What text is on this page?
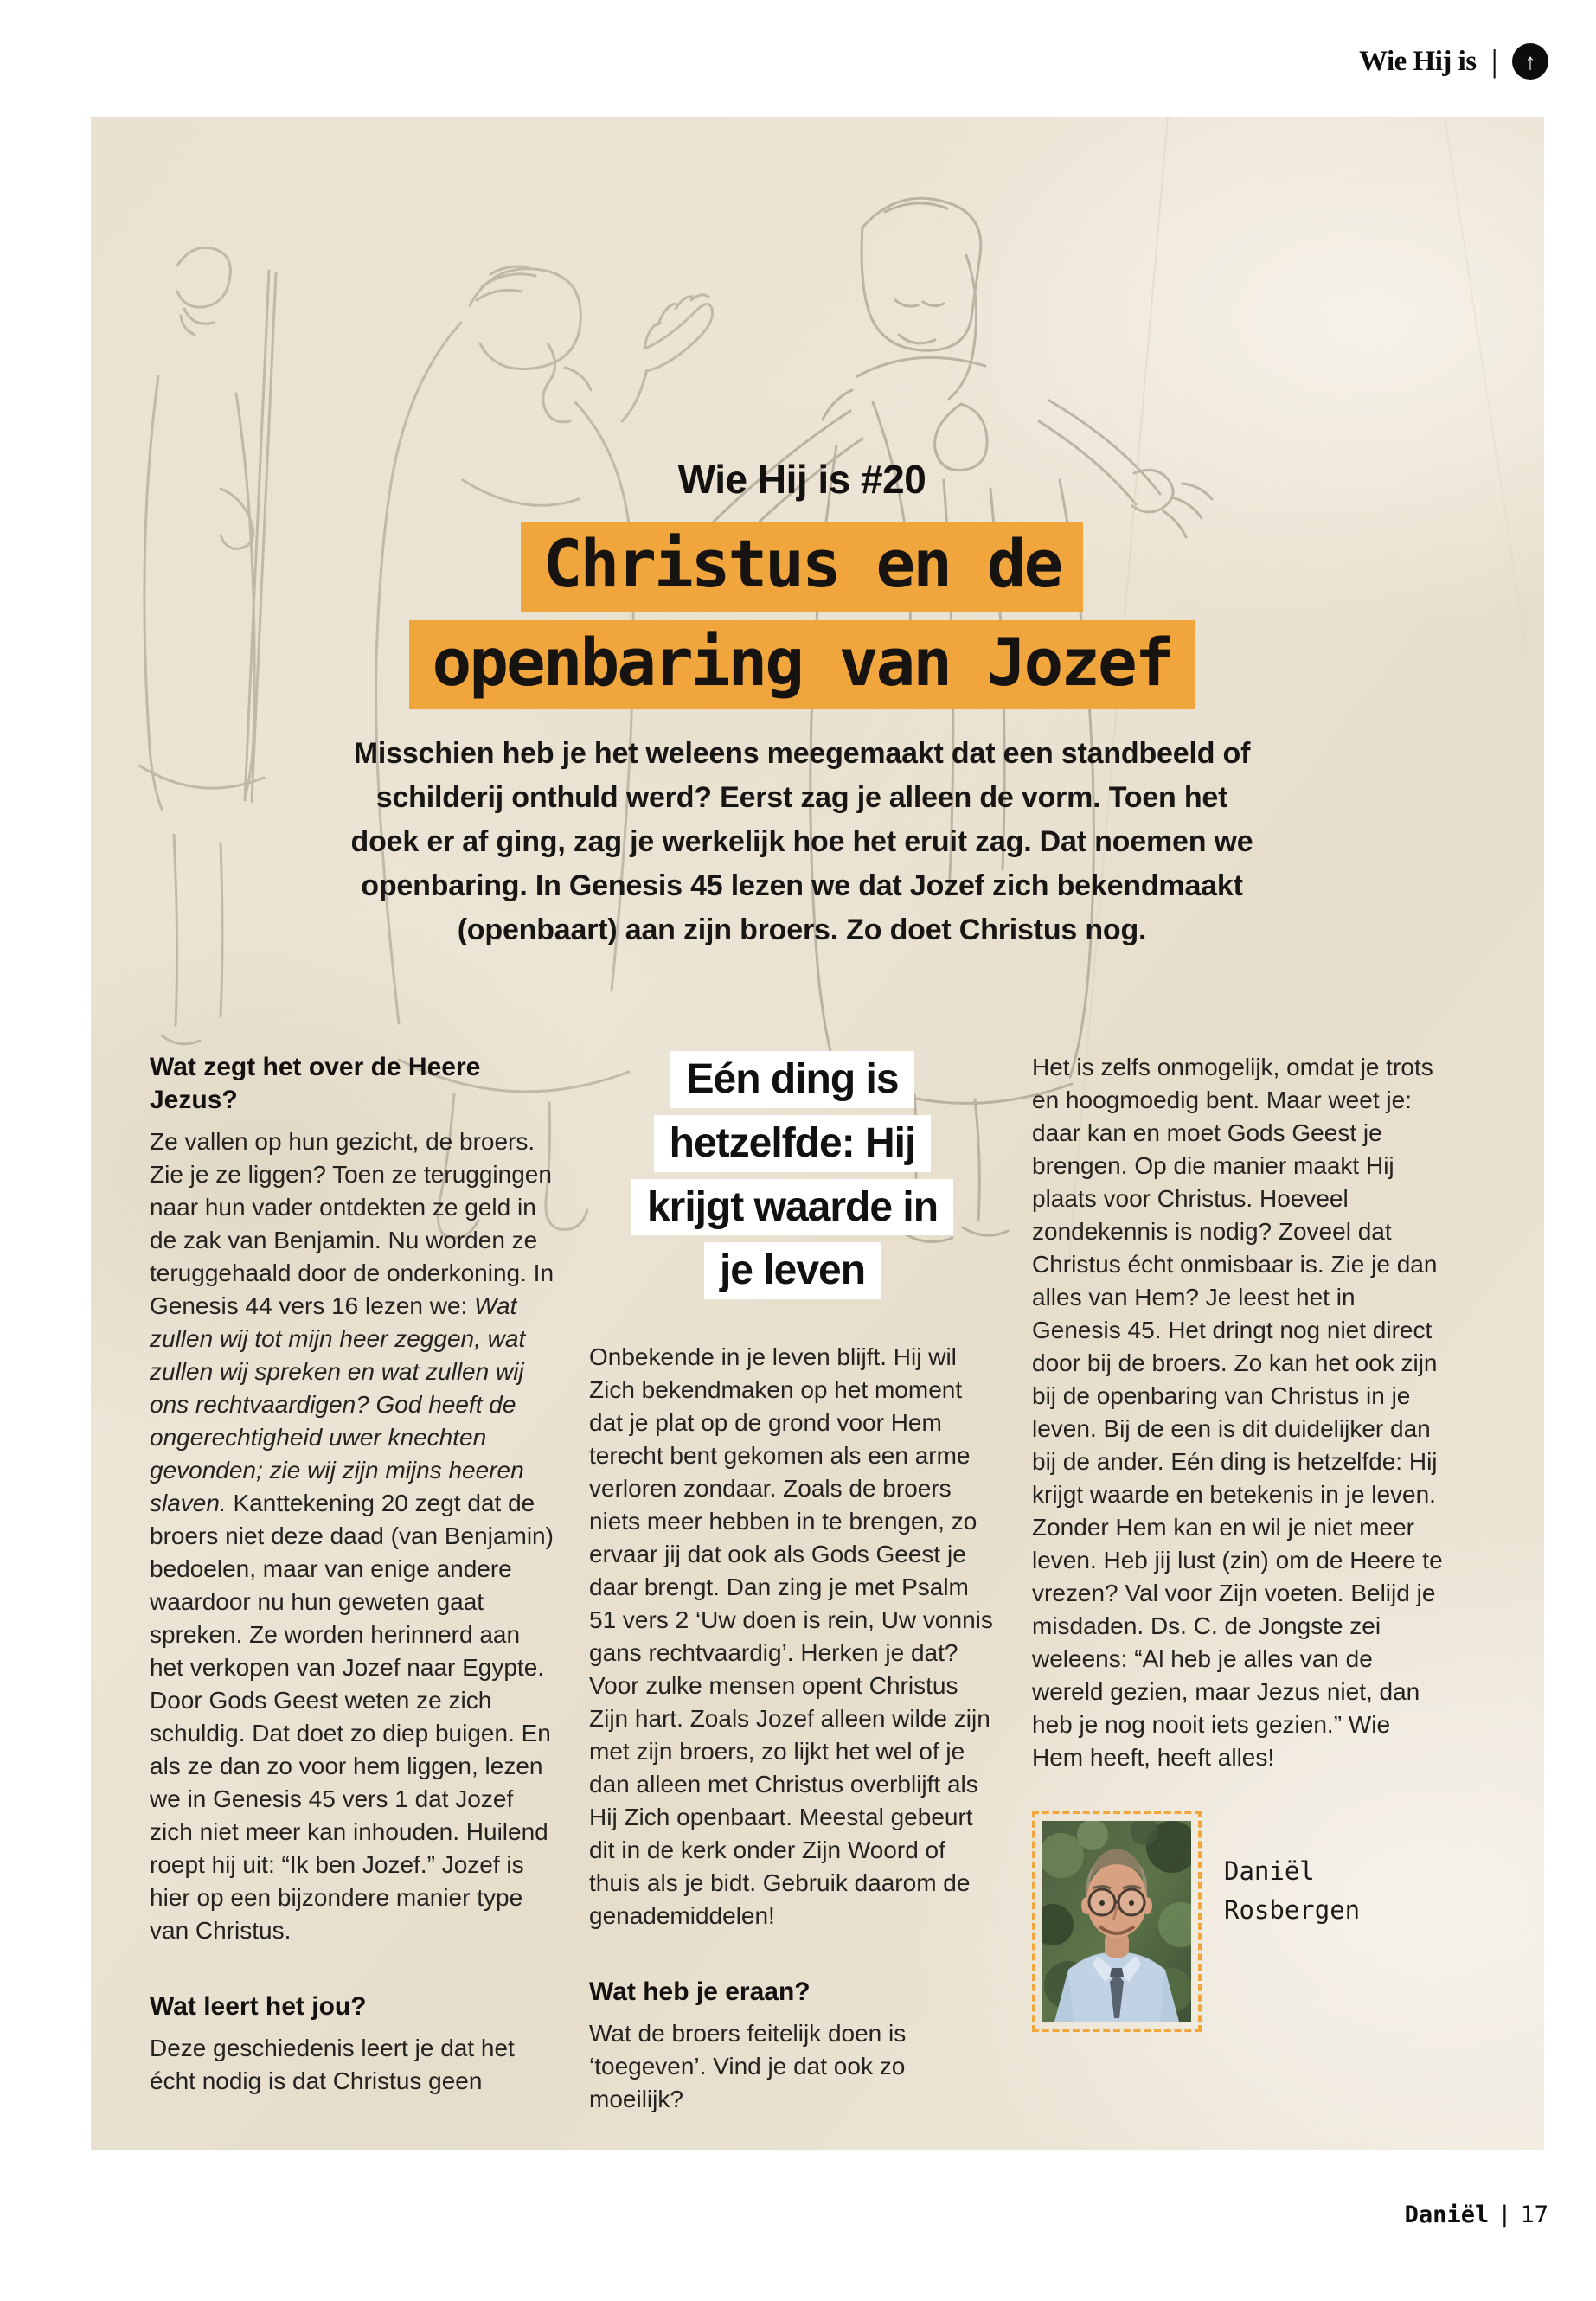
Wie Hij is | ↑
Wie Hij is #20
Christus en de
openbaring van Jozef

Misschien heb je het weleens meegemaakt dat een standbeeld of schilderij onthuld werd? Eerst zag je alleen de vorm. Toen het doek er af ging, zag je werkelijk hoe het eruit zag. Dat noemen we openbaring. In Genesis 45 lezen we dat Jozef zich bekendmaakt (openbaart) aan zijn broers. Zo doet Christus nog.

Wat zegt het over de Heere Jezus?

Ze vallen op hun gezicht, de broers. Zie je ze liggen? Toen ze teruggingen naar hun vader ontdekten ze geld in de zak van Benjamin. Nu worden ze teruggehaald door de onderkoning. In Genesis 44 vers 16 lezen we: Wat zullen wij tot mijn heer zeggen, wat zullen wij spreken en wat zullen wij ons rechtvaardigen? God heeft de ongerechtigheid uwer knechten gevonden; zie wij zijn mijns heeren slaven. Kanttekening 20 zegt dat de broers niet deze daad (van Benjamin) bedoelen, maar van enige andere waardoor nu hun geweten gaat spreken. Ze worden herinnerd aan het verkopen van Jozef naar Egypte. Door Gods Geest weten ze zich schuldig. Dat doet zo diep buigen. En als ze dan zo voor hem liggen, lezen we in Genesis 45 vers 1 dat Jozef zich niet meer kan inhouden. Huilend roept hij uit: “Ik ben Jozef.” Jozef is hier op een bijzondere manier type van Christus.

Wat leert het jou?

Deze geschiedenis leert je dat het écht nodig is dat Christus geen

Eén ding is
hetzelfde: Hij
krijgt waarde in
je leven

Onbekende in je leven blijft. Hij wil Zich bekendmaken op het moment dat je plat op de grond voor Hem terecht bent gekomen als een arme verloren zondaar. Zoals de broers niets meer hebben in te brengen, zo ervaar jij dat ook als Gods Geest je daar brengt. Dan zing je met Psalm 51 vers 2 ‘Uw doen is rein, Uw vonnis gans rechtvaardig’. Herken je dat? Voor zulke mensen opent Christus Zijn hart. Zoals Jozef alleen wilde zijn met zijn broers, zo lijkt het wel of je dan alleen met Christus overblijft als Hij Zich openbaart. Meestal gebeurt dit in de kerk onder Zijn Woord of thuis als je bidt. Gebruik daarom de genademiddelen!

Wat heb je eraan?

Wat de broers feitelijk doen is ‘toegeven’. Vind je dat ook zo moeilijk?

Het is zelfs onmogelijk, omdat je trots en hoogmoedig bent. Maar weet je: daar kan en moet Gods Geest je brengen. Op die manier maakt Hij plaats voor Christus. Hoeveel zondekennis is nodig? Zoveel dat Christus écht onmisbaar is. Zie je dan alles van Hem? Je leest het in Genesis 45. Het dringt nog niet direct door bij de broers. Zo kan het ook zijn bij de openbaring van Christus in je leven. Bij de een is dit duidelijker dan bij de ander. Eén ding is hetzelfde: Hij krijgt waarde en betekenis in je leven. Zonder Hem kan en wil je niet meer leven. Heb jij lust (zin) om de Heere te vrezen? Val voor Zijn voeten. Belijd je misdaden. Ds. C. de Jongste zei weleens: “Al heb je alles van de wereld gezien, maar Jezus niet, dan heb je nog nooit iets gezien.” Wie Hem heeft, heeft alles!

Daniël
Rosbergen
Daniël | 17
